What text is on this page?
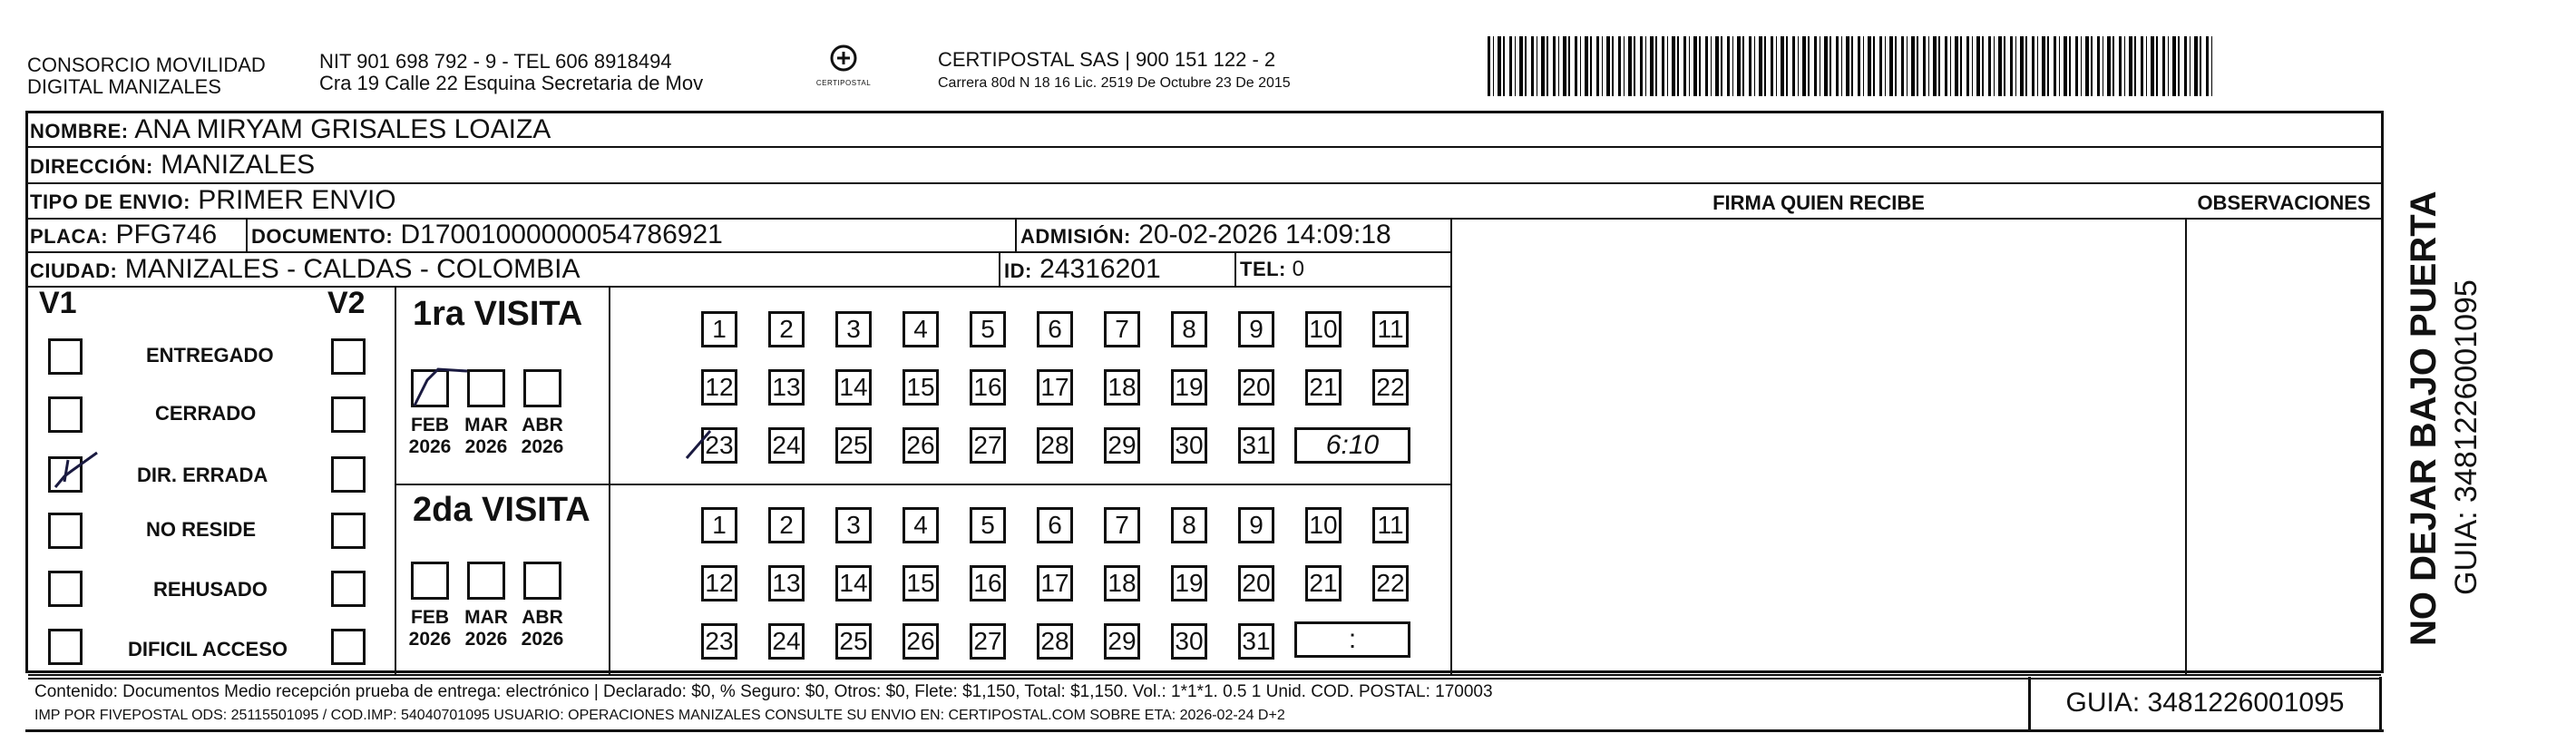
CONSORCIO MOVILIDAD
DIGITAL MANIZALES
NIT 901 698 792 - 9 - TEL 606 8918494
Cra 19 Calle 22 Esquina Secretaria de Mov	CERTIPOSTAL
CERTIPOSTAL SAS | 900 151 122 - 2
Carrera 80d N 18 16 Lic. 2519 De Octubre 23 De 2015
NOMBRE: ANA MIRYAM GRISALES LOAIZA
DIRECCIÓN: MANIZALES
TIPO DE ENVIO: PRIMER ENVIO
PLACA: PFG746 DOCUMENTO: D17001000000054786921	ADMISIÓN: 20-02-2026 14:09:18
CIUDAD: MANIZALES - CALDAS - COLOMBIA	ID: 24316201	TEL: 0
FIRMA QUIEN RECIBE	OBSERVACIONES
V1	V2
ENTREGADO
CERRADO
DIR. ERRADA
NO RESIDE
REHUSADO
DIFICIL ACCESO
1ra VISITA
FEB
2026
MAR
2026
ABR
2026
2da VISITA
FEB
2026
MAR
2026
ABR
2026
1	2	3	4	5	6	7	8	9	10 11
12 13 14 15 16 17 18 19 20 21 22
23 24 25 26 27 28 29 30 31
1	2	3	4	5	6	7	8	9	10 11
12 13 14 15 16 17 18 19 20 21 22
23 24 25 26 27 28 29 30 31
6:10
:
Contenido: Documentos Medio recepción prueba de entrega: electrónico | Declarado: $0, % Seguro: $0, Otros: $0, Flete: $1,150, Total: $1,150. Vol.: 1*1*1. 0.5 1 Unid. COD. POSTAL: 170003
IMP POR FIVEPOSTAL ODS: 25115501095 / COD.IMP: 54040701095 USUARIO: OPERACIONES MANIZALES CONSULTE SU ENVIO EN: CERTIPOSTAL.COM SOBRE ETA: 2026-02-24 D+2	GUIA: 3481226001095
NO DEJAR BAJO PUERTA GUIA: 3481226001095
